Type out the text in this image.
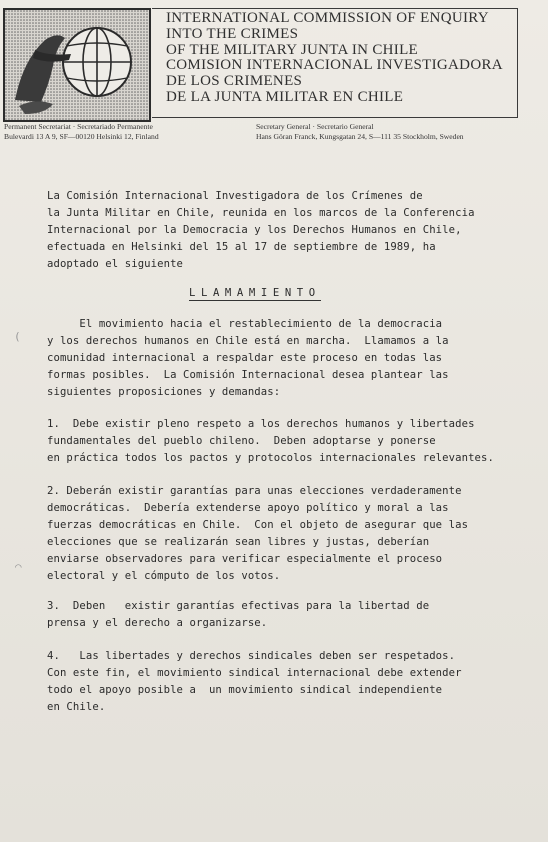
INTERNATIONAL COMMISSION OF ENQUIRY
INTO THE CRIMES
OF THE MILITARY JUNTA IN CHILE
COMISION INTERNACIONAL INVESTIGADORA
DE LOS CRIMENES
DE LA JUNTA MILITAR EN CHILE
Permanent Secretariat · Secretariado Permanente
Bulevardi 13 A 9, SF—00120 Helsinki 12, Finland
Secretary General · Secretario General
Hans Göran Franck, Kungsgatan 24, S—111 35 Stockholm, Sweden
La Comisión Internacional Investigadora de los Crímenes de
la Junta Militar en Chile, reunida en los marcos de la Conferencia
Internacional por la Democracia y los Derechos Humanos en Chile,
efectuada en Helsinki del 15 al 17 de septiembre de 1989, ha
adoptado el siguiente
LLAMAMIENTO
El movimiento hacia el restablecimiento de la democracia
y los derechos humanos en Chile está en marcha.  Llamamos a la
comunidad internacional a respaldar este proceso en todas las
formas posibles.  La Comisión Internacional desea plantear las
siguientes proposiciones y demandas:
1.  Debe existir pleno respeto a los derechos humanos y libertades
fundamentales del pueblo chileno.  Deben adoptarse y ponerse
en práctica todos los pactos y protocolos internacionales relevantes.
2. Deberán existir garantías para unas elecciones verdaderamente
democráticas.  Debería extenderse apoyo político y moral a las
fuerzas democráticas en Chile.  Con el objeto de asegurar que las
elecciones que se realizarán sean libres y justas, deberían
enviarse observadores para verificar especialmente el proceso
electoral y el cómputo de los votos.
3.  Deben   existir garantías efectivas para la libertad de
prensa y el derecho a organizarse.
4.   Las libertades y derechos sindicales deben ser respetados.
Con este fin, el movimiento sindical internacional debe extender
todo el apoyo posible a  un movimiento sindical independiente
en Chile.
(
⌒
